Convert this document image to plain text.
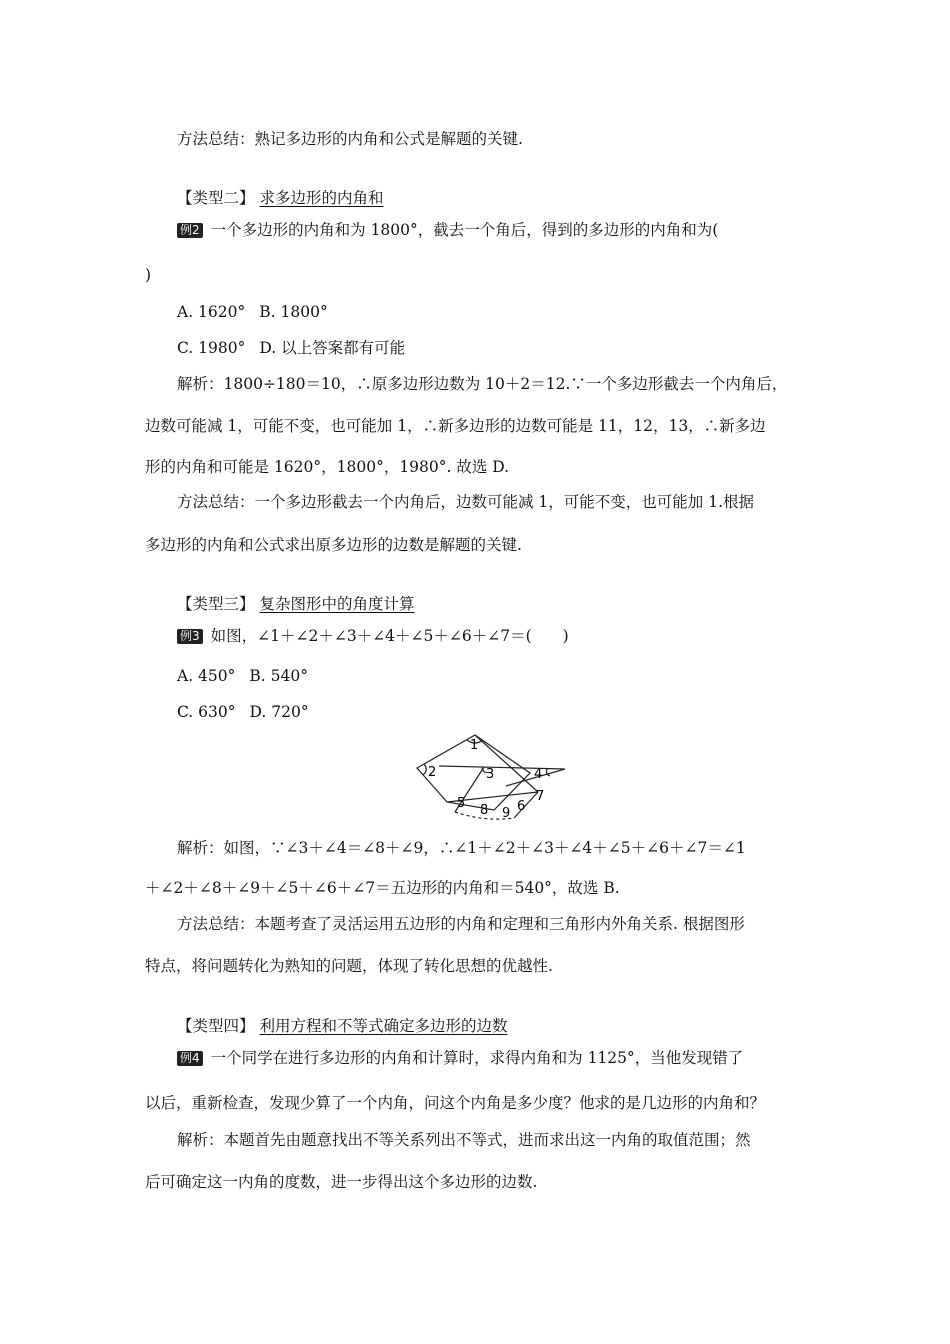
方法总结：熟记多边形的内角和公式是解题的关键.
【类型二】 求多边形的内角和
例2 一个多边形的内角和为 1800°，截去一个角后，得到的多边形的内角和为(
)
A. 1620° B. 1800°
C. 1980° D. 以上答案都有可能
解析：1800÷180＝10，∴原多边形边数为 10＋2＝12.∵一个多边形截去一个内角后，
边数可能减 1，可能不变，也可能加 1，∴新多边形的边数可能是 11，12，13，∴新多边
形的内角和可能是 1620°，1800°，1980°. 故选 D.
方法总结：一个多边形截去一个内角后，边数可能减 1，可能不变，也可能加 1.根据
多边形的内角和公式求出原多边形的边数是解题的关键.
【类型三】 复杂图形中的角度计算
例3 如图，∠1＋∠2＋∠3＋∠4＋∠5＋∠6＋∠7＝(　　)
A. 450° B. 540°
C. 630° D. 720°
1
2	3	4
5	6
7
8 9
解析：如图，∵∠3＋∠4＝∠8＋∠9，∴∠1＋∠2＋∠3＋∠4＋∠5＋∠6＋∠7＝∠1
＋∠2＋∠8＋∠9＋∠5＋∠6＋∠7＝五边形的内角和＝540°，故选 B.
方法总结：本题考查了灵活运用五边形的内角和定理和三角形内外角关系. 根据图形
特点，将问题转化为熟知的问题，体现了转化思想的优越性.
【类型四】 利用方程和不等式确定多边形的边数
例4 一个同学在进行多边形的内角和计算时，求得内角和为 1125°，当他发现错了
以后，重新检查，发现少算了一个内角，问这个内角是多少度？他求的是几边形的内角和？
解析：本题首先由题意找出不等关系列出不等式，进而求出这一内角的取值范围；然
后可确定这一内角的度数，进一步得出这个多边形的边数.
